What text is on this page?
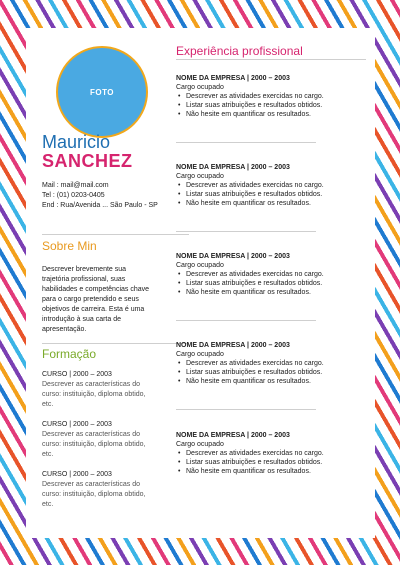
FOTO
Mauricio
SANCHEZ
Mail : mail@mail.com
Tel : (01) 0203-0405
End : Rua/Avenida ... São Paulo - SP
Sobre Min
Descrever brevemente sua trajetória profissional, suas habilidades e competências chave para o cargo pretendido e seus objetivos de carreira. Esta é uma introdução à sua carta de apresentação.
Formação
CURSO | 2000 – 2003
Descrever as características do curso: instituição, diploma obtido, etc.
CURSO | 2000 – 2003
Descrever as características do curso: instituição, diploma obtido, etc.
CURSO | 2000 – 2003
Descrever as características do curso: instituição, diploma obtido, etc.
Experiência profissional
NOME DA EMPRESA | 2000 – 2003
Cargo ocupado
• Descrever as atividades exercidas no cargo.
• Listar suas atribuições e resultados obtidos.
• Não hesite em quantificar os resultados.
NOME DA EMPRESA | 2000 – 2003
Cargo ocupado
• Descrever as atividades exercidas no cargo.
• Listar suas atribuições e resultados obtidos.
• Não hesite em quantificar os resultados.
NOME DA EMPRESA | 2000 – 2003
Cargo ocupado
• Descrever as atividades exercidas no cargo.
• Listar suas atribuições e resultados obtidos.
• Não hesite em quantificar os resultados.
NOME DA EMPRESA | 2000 – 2003
Cargo ocupado
• Descrever as atividades exercidas no cargo.
• Listar suas atribuições e resultados obtidos.
• Não hesite em quantificar os resultados.
NOME DA EMPRESA | 2000 – 2003
Cargo ocupado
• Descrever as atividades exercidas no cargo.
• Listar suas atribuições e resultados obtidos.
• Não hesite em quantificar os resultados.
